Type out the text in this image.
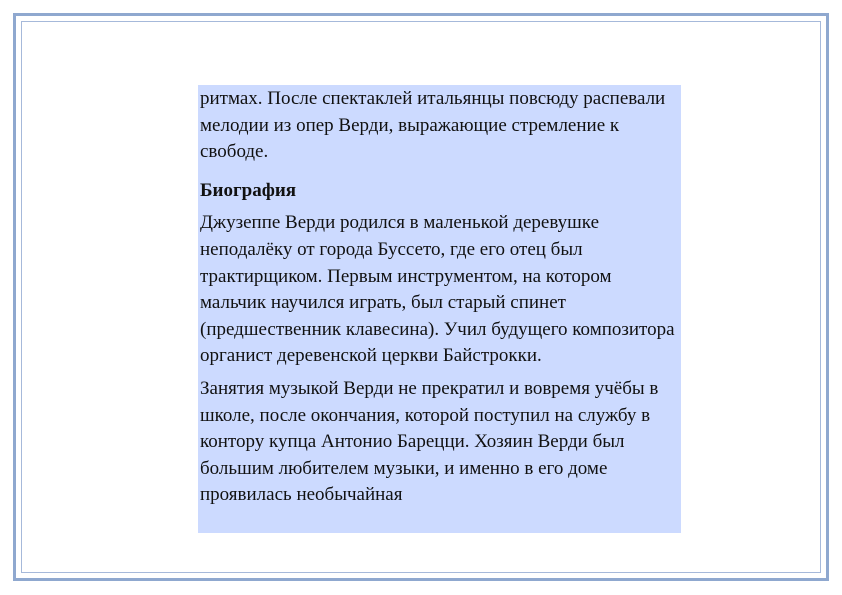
ритмах. После спектаклей итальянцы повсюду распевали мелодии из опер Верди, выражающие стремление к свободе.

Биография

Джузеппе Верди родился в маленькой деревушке неподалёку от города Буссето, где его отец был трактирщиком. Первым инструментом, на котором мальчик научился играть, был старый спинет (предшественник клавесина). Учил будущего композитора органист деревенской церкви Байстрокки.

Занятия музыкой Верди не прекратил и вовремя учёбы в школе, после окончания, которой поступил на службу в контору купца Антонио Барецци. Хозяин Верди был большим любителем музыки, и именно в его доме проявилась необычайная
